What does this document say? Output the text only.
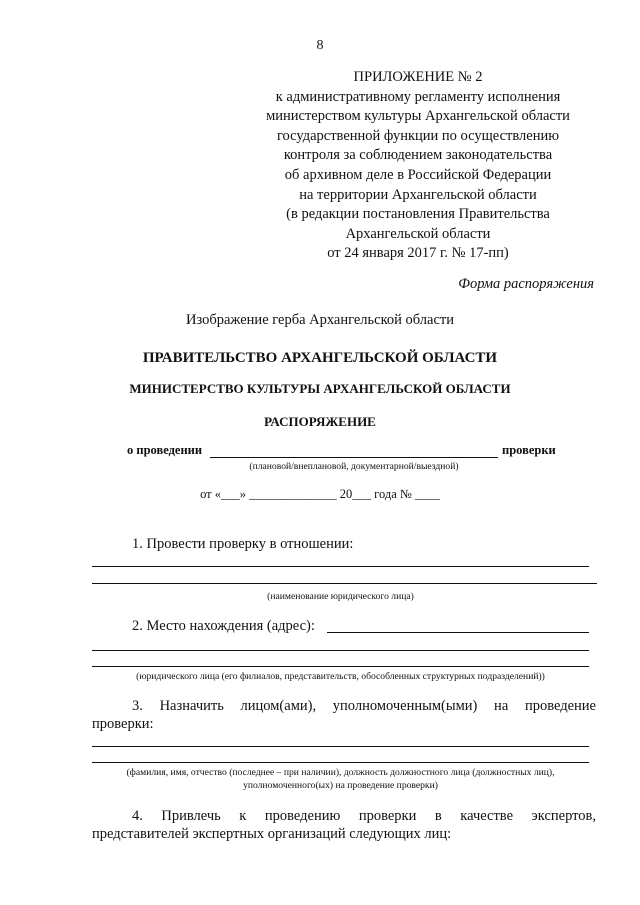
8
ПРИЛОЖЕНИЕ № 2
к административному регламенту исполнения
министерством культуры Архангельской области
государственной функции по осуществлению
контроля за соблюдением законодательства
об архивном деле в Российской Федерации
на территории Архангельской области
(в редакции постановления Правительства
Архангельской области
от 24 января 2017 г. № 17-пп)
Форма распоряжения
Изображение герба Архангельской области
ПРАВИТЕЛЬСТВО АРХАНГЕЛЬСКОЙ ОБЛАСТИ
МИНИСТЕРСТВО КУЛЬТУРЫ АРХАНГЕЛЬСКОЙ ОБЛАСТИ
РАСПОРЯЖЕНИЕ
о проведении	проверки
(плановой/внеплановой, документарной/выездной)
от «___» ______________ 20___ года № ____
1. Провести проверку в отношении:
(наименование юридического лица)
2. Место нахождения (адрес):
(юридического лица (его филиалов, представительств, обособленных структурных подразделений))
3. Назначить лицом(ами), уполномоченным(ыми) на проведение
проверки:
(фамилия, имя, отчество (последнее – при наличии), должность должностного лица (должностных лиц),
уполномоченного(ых) на проведение проверки)
4. Привлечь к проведению проверки в качестве экспертов,
представителей экспертных организаций следующих лиц:
